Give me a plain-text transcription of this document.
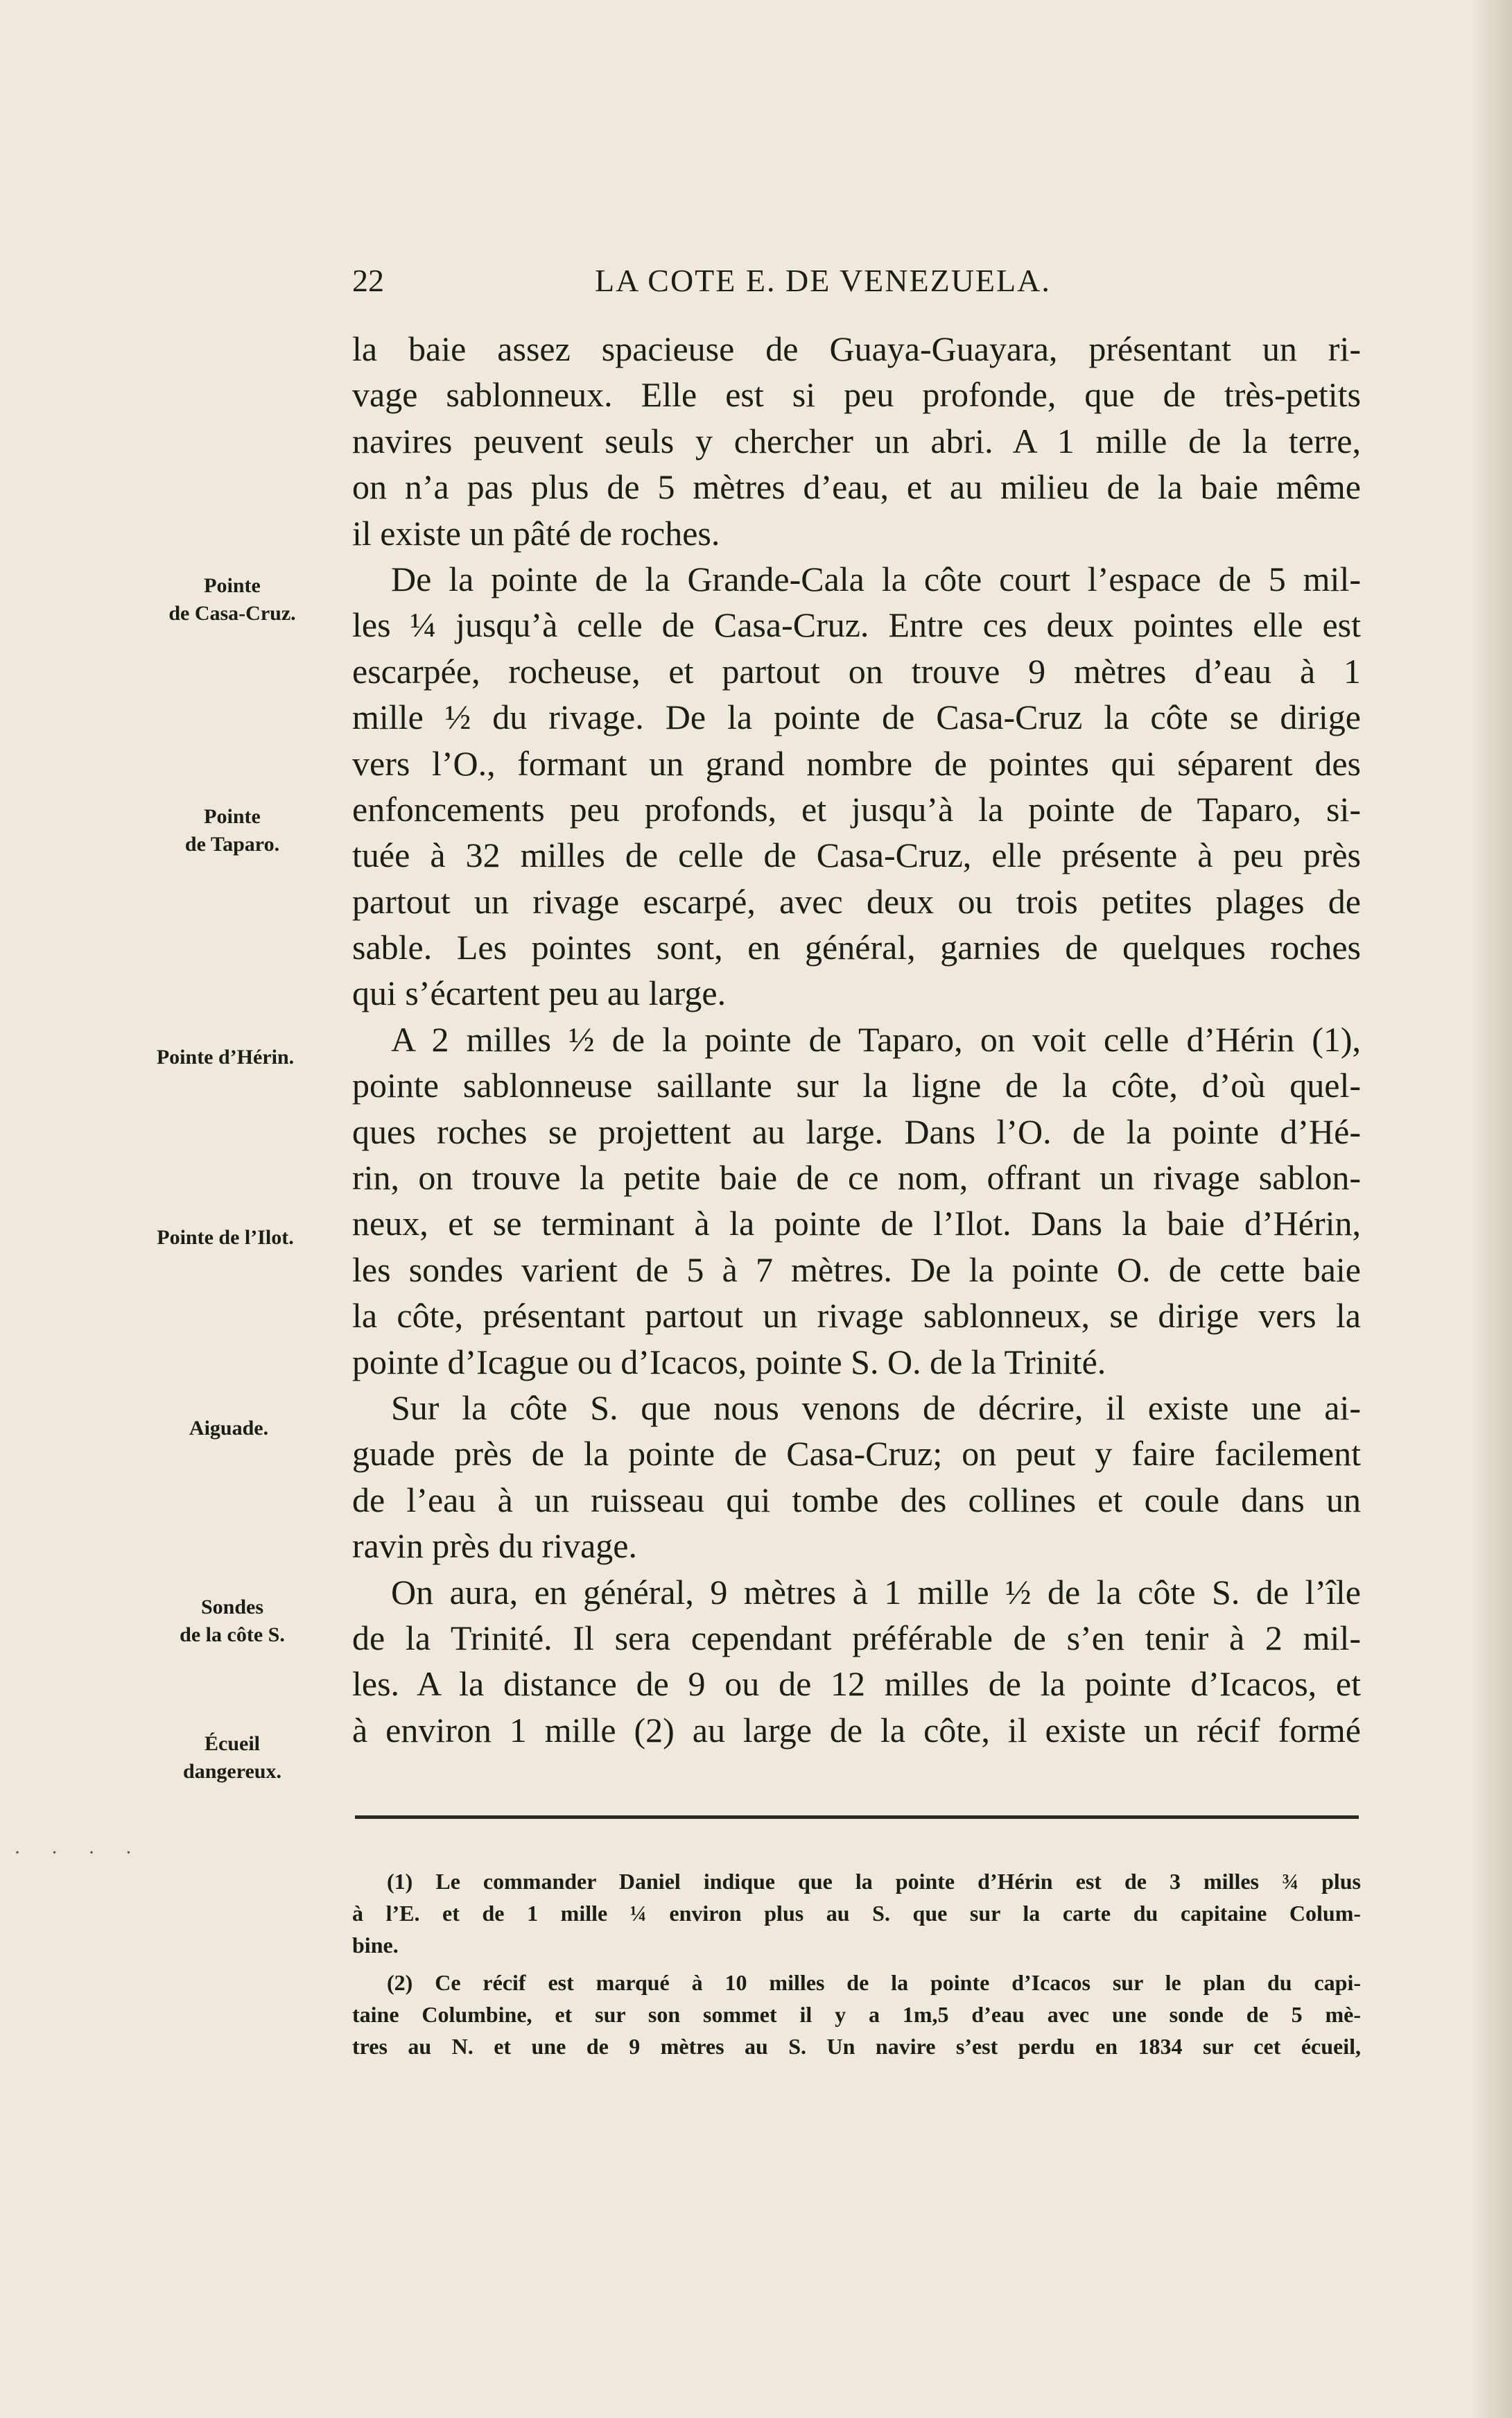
22	LA COTE E. DE VENEZUELA.
la baie assez spacieuse de Guaya-Guayara, présentant un ri-
vage sablonneux. Elle est si peu profonde, que de très-petits
navires peuvent seuls y chercher un abri. A 1 mille de la terre,
on n’a pas plus de 5 mètres d’eau, et au milieu de la baie même
il existe un pâté de roches.
De la pointe de la Grande-Cala la côte court l’espace de 5 mil-
les ¼ jusqu’à celle de Casa-Cruz. Entre ces deux pointes elle est
escarpée, rocheuse, et partout on trouve 9 mètres d’eau à 1
mille ½ du rivage. De la pointe de Casa-Cruz la côte se dirige
vers l’O., formant un grand nombre de pointes qui séparent des
enfoncements peu profonds, et jusqu’à la pointe de Taparo, si-
tuée à 32 milles de celle de Casa-Cruz, elle présente à peu près
partout un rivage escarpé, avec deux ou trois petites plages de
sable. Les pointes sont, en général, garnies de quelques roches
qui s’écartent peu au large.
A 2 milles ½ de la pointe de Taparo, on voit celle d’Hérin (1),
pointe sablonneuse saillante sur la ligne de la côte, d’où quel-
ques roches se projettent au large. Dans l’O. de la pointe d’Hé-
rin, on trouve la petite baie de ce nom, offrant un rivage sablon-
neux, et se terminant à la pointe de l’Ilot. Dans la baie d’Hérin,
les sondes varient de 5 à 7 mètres. De la pointe O. de cette baie
la côte, présentant partout un rivage sablonneux, se dirige vers la
pointe d’Icague ou d’Icacos, pointe S. O. de la Trinité.
Sur la côte S. que nous venons de décrire, il existe une ai-
guade près de la pointe de Casa-Cruz; on peut y faire facilement
de l’eau à un ruisseau qui tombe des collines et coule dans un
ravin près du rivage.
On aura, en général, 9 mètres à 1 mille ½ de la côte S. de l’île
de la Trinité. Il sera cependant préférable de s’en tenir à 2 mil-
les. A la distance de 9 ou de 12 milles de la pointe d’Icacos, et
à environ 1 mille (2) au large de la côte, il existe un récif formé
Pointe
de Casa-Cruz.
Pointe
de Taparo.
Pointe d’Hérin.
Pointe de l’Ilot.
Aiguade.
Sondes
de la côte S.
Écueil
dangereux.
· · · ·
(1) Le commander Daniel indique que la pointe d’Hérin est de 3 milles ¾ plus
à l’E. et de 1 mille ¼ environ plus au S. que sur la carte du capitaine Colum-
bine.
(2) Ce récif est marqué à 10 milles de la pointe d’Icacos sur le plan du capi-
taine Columbine, et sur son sommet il y a 1m,5 d’eau avec une sonde de 5 mè-
tres au N. et une de 9 mètres au S. Un navire s’est perdu en 1834 sur cet écueil,
